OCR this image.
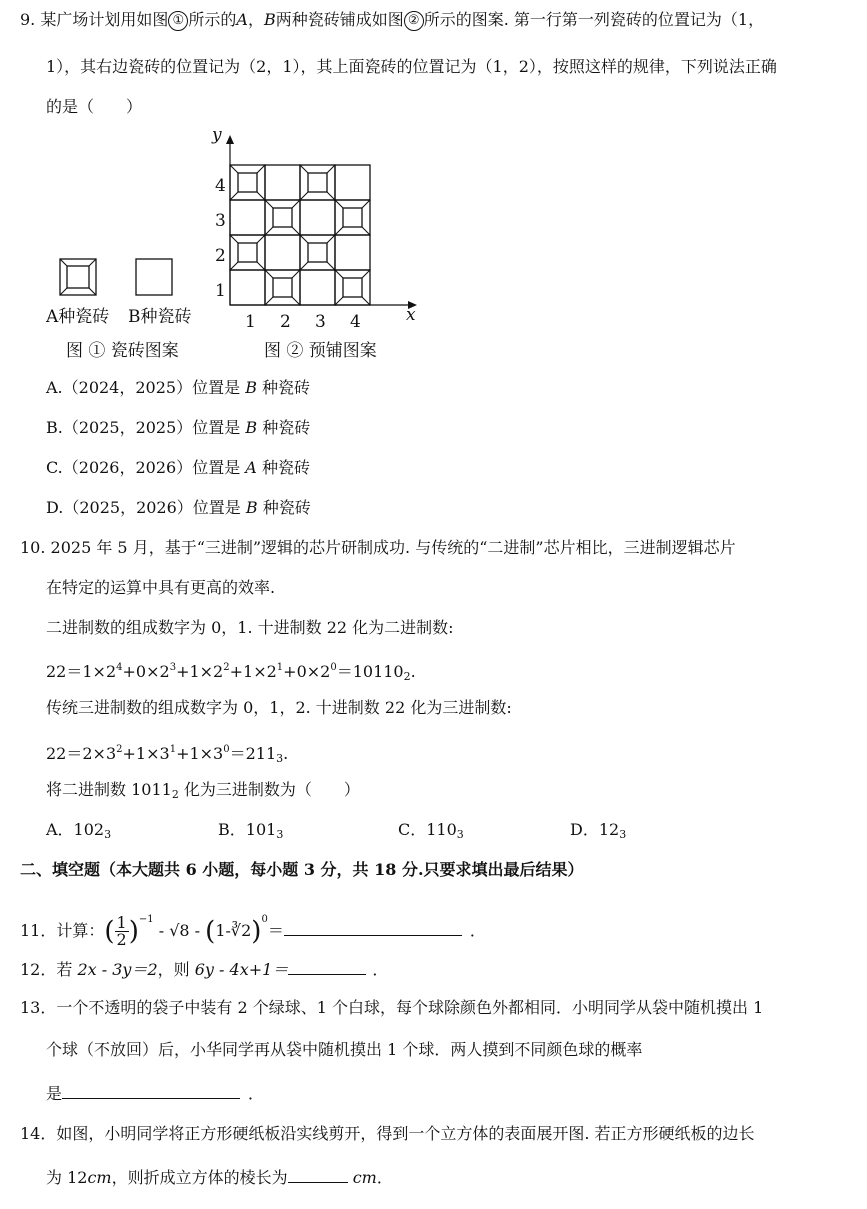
9. 某广场计划用如图 ① 所示的A，B两种瓷砖铺成如图 ② 所示的图案. 第一行第一列瓷砖的位置记为（1，
1），其右边瓷砖的位置记为（2，1），其上面瓷砖的位置记为（1，2），按照这样的规律，下列说法正确
的是（　　）
A种瓷砖 B种瓷砖
图 ① 瓷砖图案
y
x
1 2 3 4
1
2
3
4
图 ② 预铺图案
A.（2024，2025）位置是 B 种瓷砖
B.（2025，2025）位置是 B 种瓷砖
C.（2026，2026）位置是 A 种瓷砖
D.（2025，2026）位置是 B 种瓷砖
10. 2025 年 5 月，基于“三进制”逻辑的芯片研制成功. 与传统的“二进制”芯片相比，三进制逻辑芯片
在特定的运算中具有更高的效率.
二进制数的组成数字为 0，1. 十进制数 22 化为二进制数:
$22=1\times 2^4+0\times 2^3+1\times 2^2+1\times 2^1+0\times 2^0=10110_2$.
传统三进制数的组成数字为 0，1，2. 十进制数 22 化为三进制数:
$22=2\times 3^2+1\times 3^1+1\times 3^0=211_3$.
将二进制数 $1011_2$ 化为三进制数为（　　）
A．$102_3$	B．$101_3$	C．$110_3$	D．$12_3$
二、填空题（本大题共 6 小题，每小题 3 分，共 18 分.只要求填出最后结果）
11．计算：( $\frac{1}{2} )^{-1} - √8$ - (1-∛2)$^0$＝	．
12．若 2x - 3y＝2，则 6y - 4x+1＝	．
13．一个不透明的袋子中装有 2 个绿球、1 个白球，每个球除颜色外都相同．小明同学从袋中随机摸出 1
个球（不放回）后，小华同学再从袋中随机摸出 1 个球．两人摸到不同颜色球的概率
是	．
14．如图，小明同学将正方形硬纸板沿实线剪开，得到一个立方体的表面展开图. 若正方形硬纸板的边长
为 12cm，则折成立方体的棱长为	cm．
